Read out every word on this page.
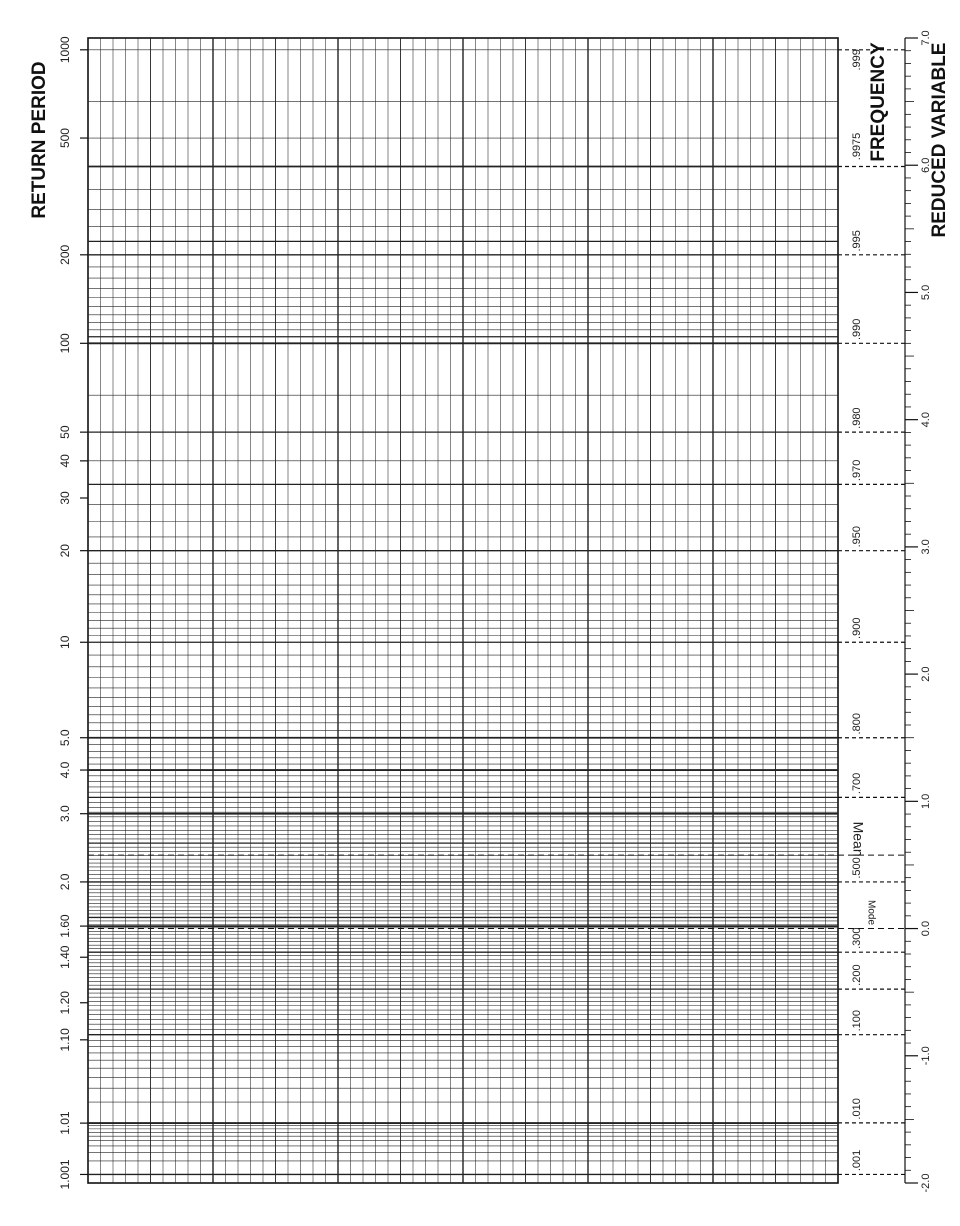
1.001
1.01
1.10
1.20
1.40
1.60
2.0
3.0
4.0
5.0
10
20
30
40
50
100
200
500
1000
.001
.010
.100
.200
.300
.500
.700
.800
.900
.950
.970
.980
.990
.995
.9975
.999
-2.0
-1.0
0.0
1.0
2.0
3.0
4.0
5.0
6.0
7.0
RETURN PERIOD	FREQUENCY REDUCED VARIABLE
Mean
Mode
